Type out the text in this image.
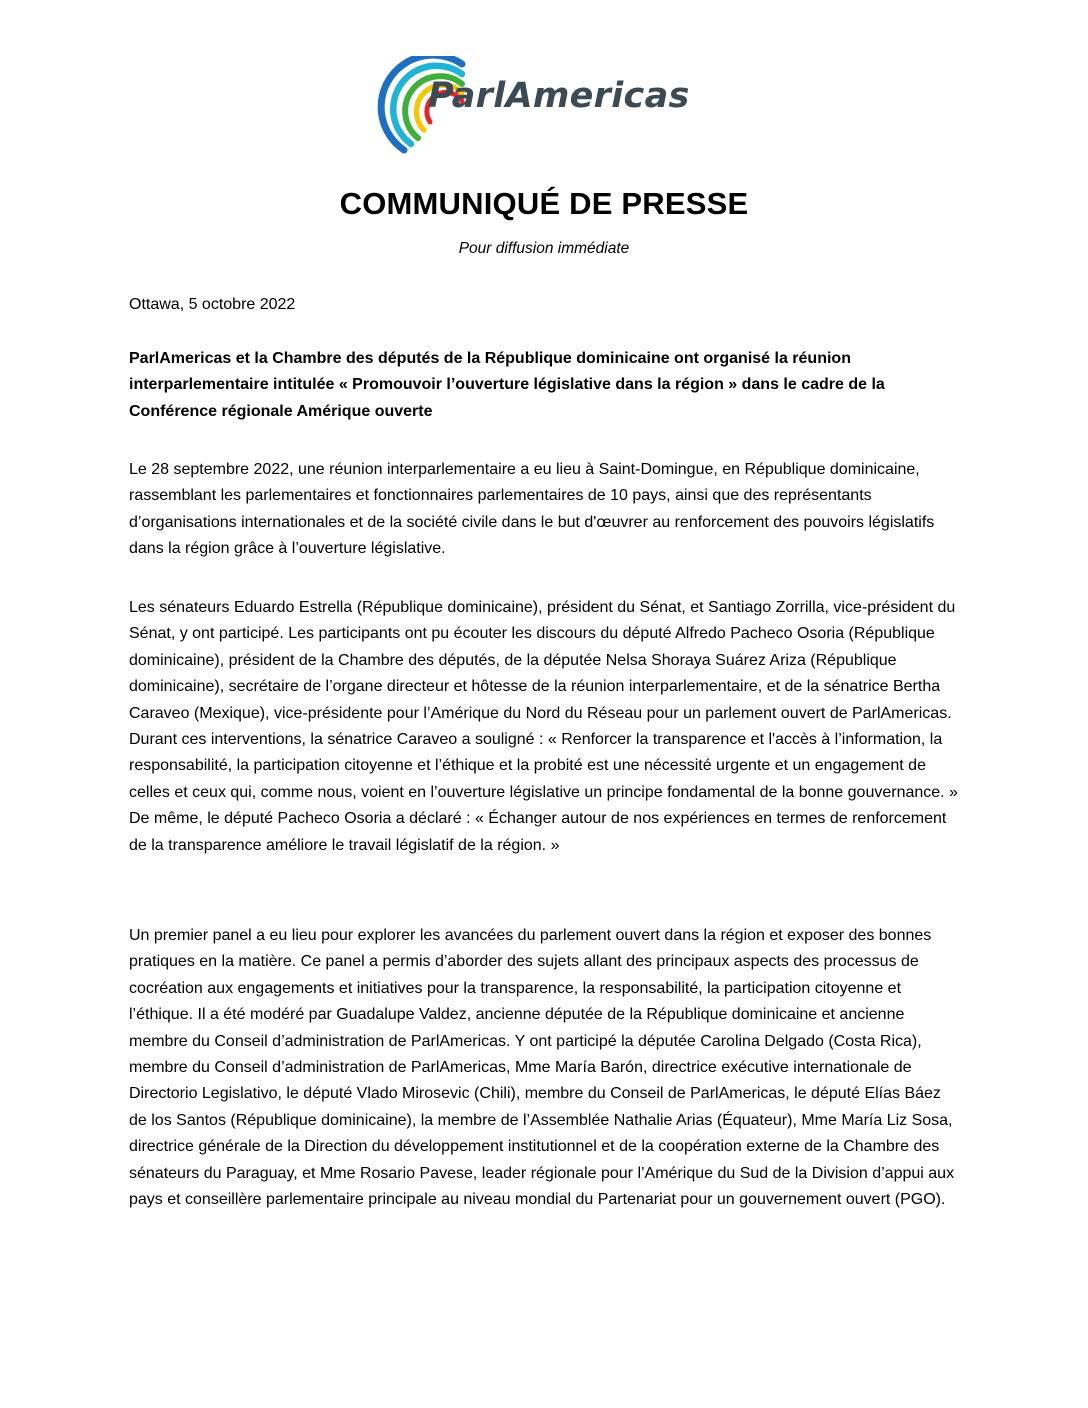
ParlAmericas
COMMUNIQUÉ DE PRESSE
Pour diffusion immédiate
Ottawa, 5 octobre 2022

ParlAmericas et la Chambre des députés de la République dominicaine ont organisé la réunion interparlementaire intitulée « Promouvoir l’ouverture législative dans la région » dans le cadre de la Conférence régionale Amérique ouverte

Le 28 septembre 2022, une réunion interparlementaire a eu lieu à Saint-Domingue, en République dominicaine, rassemblant les parlementaires et fonctionnaires parlementaires de 10 pays, ainsi que des représentants d’organisations internationales et de la société civile dans le but d'œuvrer au renforcement des pouvoirs législatifs dans la région grâce à l’ouverture législative.

Les sénateurs Eduardo Estrella (République dominicaine), président du Sénat, et Santiago Zorrilla, vice-président du Sénat, y ont participé. Les participants ont pu écouter les discours du député Alfredo Pacheco Osoria (République dominicaine), président de la Chambre des députés, de la députée Nelsa Shoraya Suárez Ariza (République dominicaine), secrétaire de l’organe directeur et hôtesse de la réunion interparlementaire, et de la sénatrice Bertha Caraveo (Mexique), vice-présidente pour l’Amérique du Nord du Réseau pour un parlement ouvert de ParlAmericas. Durant ces interventions, la sénatrice Caraveo a souligné : « Renforcer la transparence et l'accès à l’information, la responsabilité, la participation citoyenne et l’éthique et la probité est une nécessité urgente et un engagement de celles et ceux qui, comme nous, voient en l’ouverture législative un principe fondamental de la bonne gouvernance. » De même, le député Pacheco Osoria a déclaré : « Échanger autour de nos expériences en termes de renforcement de la transparence améliore le travail législatif de la région. »

Un premier panel a eu lieu pour explorer les avancées du parlement ouvert dans la région et exposer des bonnes pratiques en la matière. Ce panel a permis d’aborder des sujets allant des principaux aspects des processus de cocréation aux engagements et initiatives pour la transparence, la responsabilité, la participation citoyenne et l’éthique. Il a été modéré par Guadalupe Valdez, ancienne députée de la République dominicaine et ancienne membre du Conseil d’administration de ParlAmericas. Y ont participé la députée Carolina Delgado (Costa Rica), membre du Conseil d’administration de ParlAmericas, Mme María Barón, directrice exécutive internationale de Directorio Legislativo, le député Vlado Mirosevic (Chili), membre du Conseil de ParlAmericas, le député Elías Báez de los Santos (République dominicaine), la membre de l’Assemblée Nathalie Arias (Équateur), Mme María Liz Sosa, directrice générale de la Direction du développement institutionnel et de la coopération externe de la Chambre des sénateurs du Paraguay, et Mme Rosario Pavese, leader régionale pour l’Amérique du Sud de la Division d’appui aux pays et conseillère parlementaire principale au niveau mondial du Partenariat pour un gouvernement ouvert (PGO).
